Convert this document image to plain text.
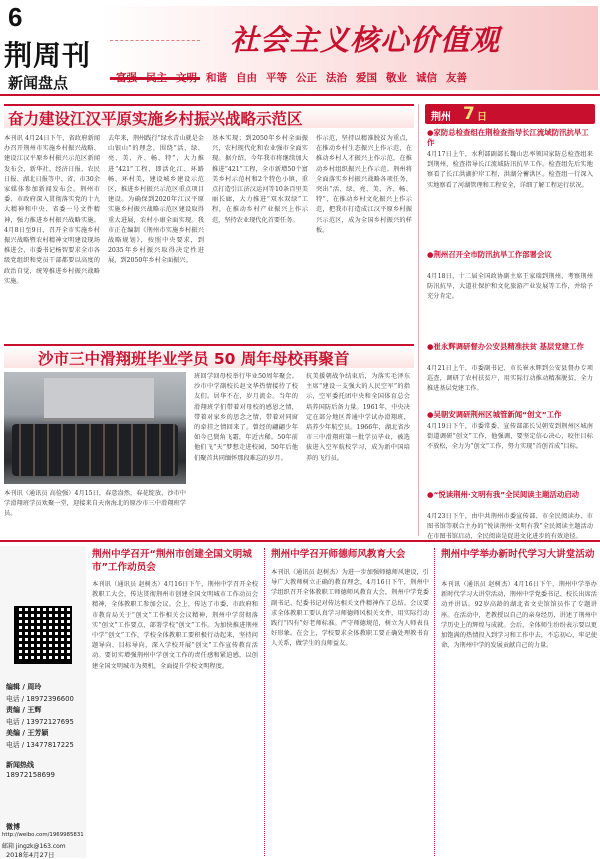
6
荆周刊
新闻盘点
社会主义核心价值观
富强 民主 文明 和谐 自由 平等 公正 法治 爱国 敬业 诚信 友善
奋力建设江汉平原实施乡村振兴战略示范区
本刊讯 4月24日下午，省政府新闻办召开荆州市实施乡村振兴战略、建设江汉平原乡村振兴示范区新闻发布会，新华社、经济日报、农民日报、湖北日报等中、省、市30余家媒体参加新闻发布会。荆州市委、市政府深入贯彻落实党的十九大精神和中央、省委一号文件精神，强力推进乡村振兴战略实施。4月8日至9日，召开全市实施乡村振兴战略暨农村精神文明建设现场推进会，市委书记杨智要求全市各级党组织和党员干部都要以高度的政治自觉，统筹推进乡村振兴战略实施。
去年来，荆州践行“绿水青山就是金山银山”的理念，围绕“活、绿、亮、美、齐、畅、特”，大力推进“421”工程，即活化江、环路畅、环村美，建设城乡建设示范区，推进乡村振兴示范区重点项目建设。为确保到2020年江汉平原实施乡村振兴战略示范区建设取得重大进展，农村小康全面实现。我市正在编制《荆州市实施乡村振兴战略规划》，按照中央要求，到2035年乡村振兴取得决定性进展，到2050年乡村全面振兴。
基本实现；到2050年乡村全面振兴，农村现代化和农业强市全面实现。据介绍，今年我市将继续加大推进“421”工程，全市新增50个富美乡村示范村和2个特色小镇，重点打造引江济汉运河等10条百里美丽长廊，大力推进“双水双绿”工程，在推动乡村产业振兴上作示范，坚持农业现代化首要任务。
作示范，坚持以精准脱贫为重点，在推动乡村生态振兴上作示范，在推动乡村人才振兴上作示范，在推动乡村组织振兴上作示范。荆州将全面落实乡村振兴战略各项任务，突出“活、绿、亮、美、齐、畅、特”，在推动乡村文化振兴上作示范，把我市打造成江汉平原乡村振兴示范区，成为全国乡村振兴的样板。
沙市三中滑翔班毕业学员 50 周年母校再聚首
本刊讯（通讯员 高俭强）4月15日，春意盎然，春花绽放，沙市中学滑翔班学员欢聚一堂，迎接来自天南海北的原沙市三中滑翔班学员。
班回学回母校举行毕业50周年聚会。沙市中学副校长赵文华热情接待了校友们。居华不在，岁月流金。当年的滑翔班学们带着对母校的感恩之情，带着对家乡的思念之情，带着对同窗的牵挂之情回来了。曾经的翩翩少年如今已鬓角飞霜，年近古稀。50年前他们飞“天”梦想走进校园，50年后他们聚首共同缅怀那段难忘的岁月。
抗美援朝战争结束后，为落实毛泽东主席“建设一支强大的人民空军”的指示，空军委托团中央和全国体育总会培养国防后备力量。1961年，中央决定在部分地区普通中学试办滑翔班，培养少年航空员。1966年，湖北省沙市三中滑翔班第一批学员毕业，被选拔进入空军航校学习，成为新中国培养的飞行员。
荆州 7 日
●家防总检查组在荆检查指导长江流域防汛抗旱工作
4月17日上午，水利部副部长魏山忠率领国家防总检查组来到荆州，检查指导长江流域防汛抗旱工作。检查组先后实地察看了长江洪湖护岸工程，洪湖分蓄洪区。检查组一行深入实地察看了河湖管理和工程安全，详细了解工程运行状况。
●荆州召开全市防汛抗旱工作部署会议
4月18日，十二届全国政协副主席王家瑞到荆州，考察荆州防汛抗旱，大道社保护和文化旅游产业发展等工作，并给予充分肯定。
●崔永辉调研督办公安县精准扶贫 基层党建工作
4月21日上午，市委副书记、市长崔永辉到公安县督办专项巡查，调研了农村扶贫户，用实际行动推动精准脱贫，全力推进基层党建工作。
●吴朝安调研荆州区城管新闻“创文”工作
4月19日下午，市委常委、宣传部部长吴朝安到荆州区城南街道调研“创文”工作，他强调，要坚定信心决心，咬住目标不放松，全力为“创文”工作，努力实现“首创首成”目标。
●“悦读荆州·文明有我”全民阅读主题活动启动
4月23日下午，由中共荆州市委宣传部、市全民阅读办、市图书馆等联合主办的“悦读荆州·文明有我”全民阅读主题活动在市图书馆启动，全民阅读是促进文化进步的有效途径。
编辑 / 周玲
电话 / 18972396600
责编 / 王辉
电话 / 13972127695
美编 / 王芳颖
电话 / 13477817225
新闻热线
18972158699
微博
http://weibo.com/1969985831
邮箱 jingzk@163.com
2018年4月27日
荆州中学召开“荆州市创建全国文明城市”工作动员会
本刊讯（通讯员 赵树杰）4月16日下午，荆州中学召开全校教职工大会，传达贯彻荆州市创建全国文明城市工作动员会精神，全体教职工参加会议。会上，传达了市委、市政府和市教育局关于“创文”工作相关会议精神，荆州中学贯彻落实“创文”工作要点，部署学校“创文”工作。为加快推进荆州中学“创文”工作，学校全体教职工要积极行动起来，坚持问题导向、目标导向，深入学校开展“创文”工作宣传教育活动。要切实增强荆州中学创文工作的责任感和紧迫感，以创建全国文明城市为契机，全面提升学校文明程度。
荆州中学召开师德师风教育大会
本刊讯（通讯员 赵树杰）为进一步加强师德师风建设，引导广大教师树立正确的教育理念，4月16日下午，荆州中学组织召开全体教职工师德师风教育大会，荆州中学党委副书记、纪委书记对传达相关文件精神作了总结。会议要求全体教职工要认真学习师德师风相关文件，用实际行动践行“四有”好老师标准。严守师德规范，树立为人师表良好形象。在会上，学校要求全体教职工要正确处理教书育人关系，做学生的良师益友。
荆州中学举办新时代学习大讲堂活动
本刊讯（通讯员 赵树杰）4月16日下午，荆州中学举办新时代学习大讲堂活动，荆州中学党委书记、校长出席活动并讲话。92岁高龄的湖北省文史馆馆员作了专题讲座。在活动中，老教授以自己的亲身经历，讲述了荆州中学历史上的辉煌与成就。会后，全体师生纷纷表示要以更加饱满的热情投入到学习和工作中去，不忘初心，牢记使命，为荆州中学的发展贡献自己的力量。
